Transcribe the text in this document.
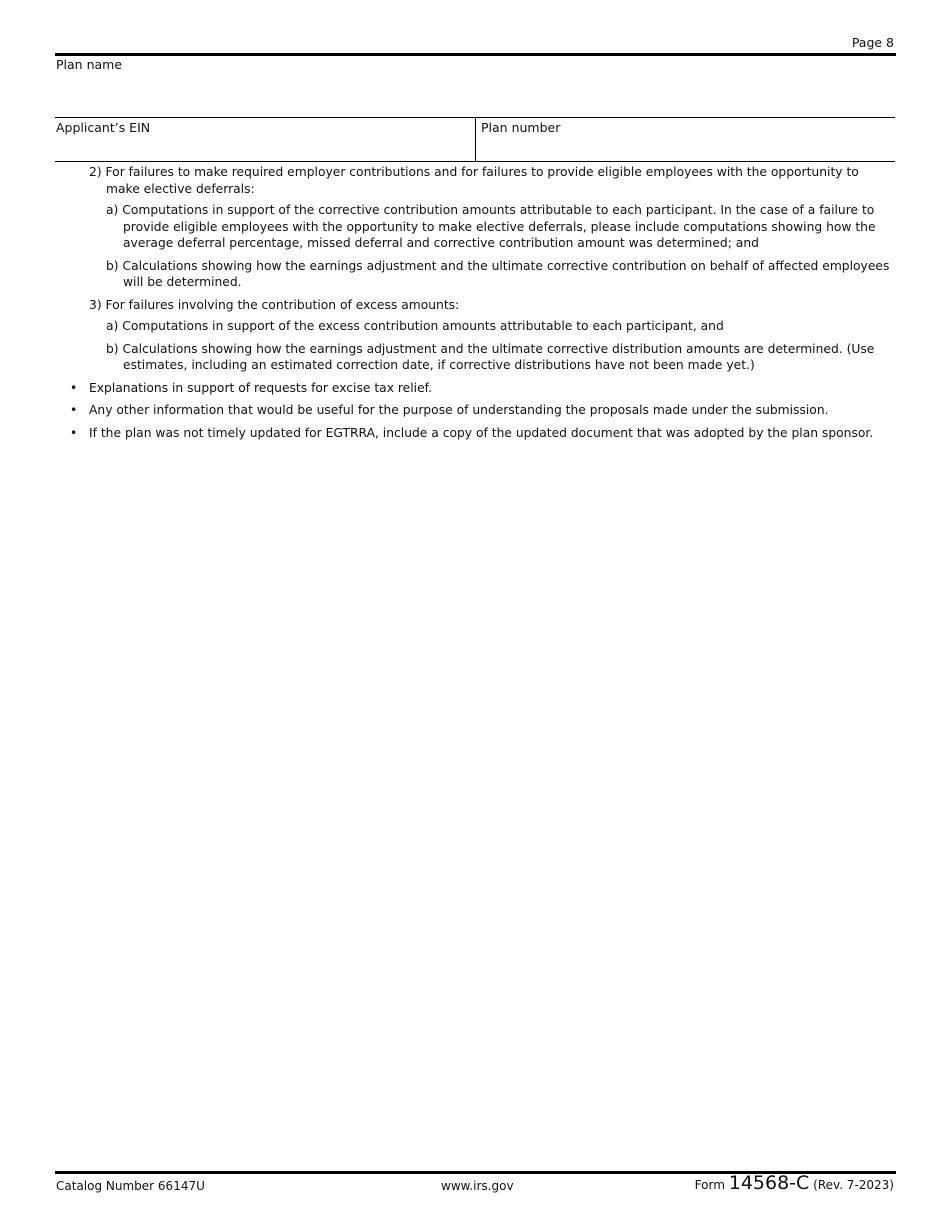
Page 8
Plan name
Applicant’s EIN	Plan number
2) For failures to make required employer contributions and for failures to provide eligible employees with the opportunity to make elective deferrals:
a) Computations in support of the corrective contribution amounts attributable to each participant. In the case of a failure to provide eligible employees with the opportunity to make elective deferrals, please include computations showing how the average deferral percentage, missed deferral and corrective contribution amount was determined; and
b) Calculations showing how the earnings adjustment and the ultimate corrective contribution on behalf of affected employees will be determined.
3) For failures involving the contribution of excess amounts:
a) Computations in support of the excess contribution amounts attributable to each participant, and
b) Calculations showing how the earnings adjustment and the ultimate corrective distribution amounts are determined. (Use estimates, including an estimated correction date, if corrective distributions have not been made yet.)
• Explanations in support of requests for excise tax relief.
• Any other information that would be useful for the purpose of understanding the proposals made under the submission.
• If the plan was not timely updated for EGTRRA, include a copy of the updated document that was adopted by the plan sponsor.
Catalog Number 66147U	www.irs.gov	Form 14568-C (Rev. 7-2023)
